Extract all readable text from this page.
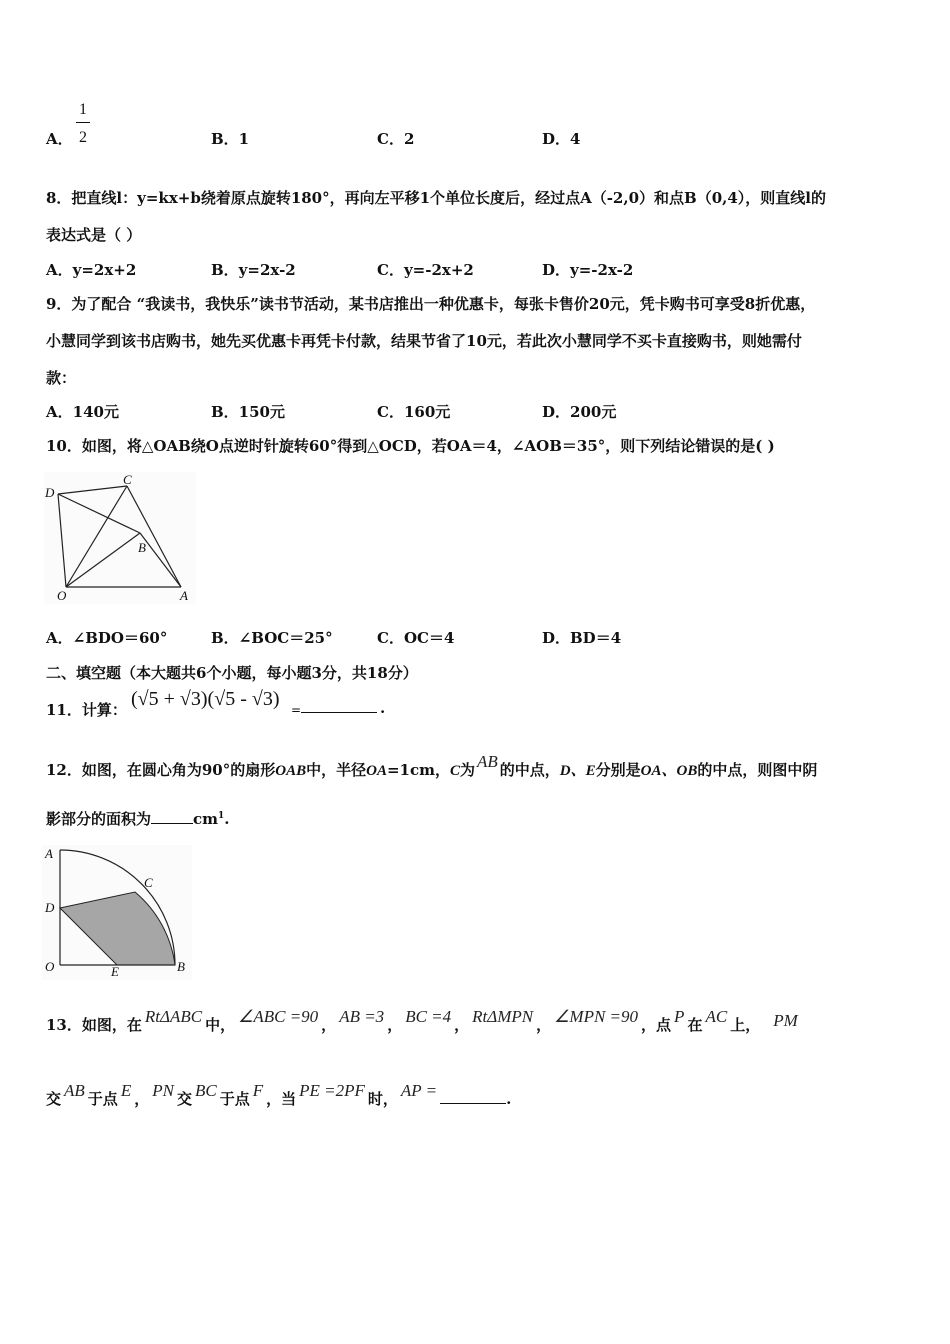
A．
1
2	B．1	C．2	D．4
8．把直线l：y=kx+b绕着原点旋转180°，再向左平移1个单位长度后，经过点A（-2,0）和点B（0,4），则直线l的
表达式是（ ）
A．y=2x+2	B．y=2x-2	C．y=-2x+2	D．y=-2x-2
9．为了配合 “我读书，我快乐”读书节活动，某书店推出一种优惠卡，每张卡售价20元，凭卡购书可享受8折优惠，
小慧同学到该书店购书，她先买优惠卡再凭卡付款，结果节省了10元，若此次小慧同学不买卡直接购书，则她需付
款：
A．140元	B．150元	C．160元	D．200元
10．如图，将△OAB绕O点逆时针旋转60°得到△OCD，若OA＝4，∠AOB＝35°，则下列结论错误的是( )
D
C
B
O	A
A．∠BDO＝60°	B．∠BOC＝25°	C．OC＝4	D．BD＝4
二、填空题（本大题共6个小题，每小题3分，共18分）
11．计算： (√5 + √3)(√5 - √3) =	.
12．如图，在圆心角为90°的扇形OAB中，半径OA=1cm，C为 AB 的中点，D、E分别是OA、OB的中点，则图中阴
影部分的面积为	$cm^1$.
A
C
D
O	E	B
13．如图，在 RtΔABC 中， ∠ABC =90 ， AB =3 ， BC =4 ， RtΔMPN ， ∠MPN =90 ，点 P 在 AC 上， PM
交 AB 于点 E ， PN 交 BC 于点 F ，当 PE =2PF 时， AP =	.
